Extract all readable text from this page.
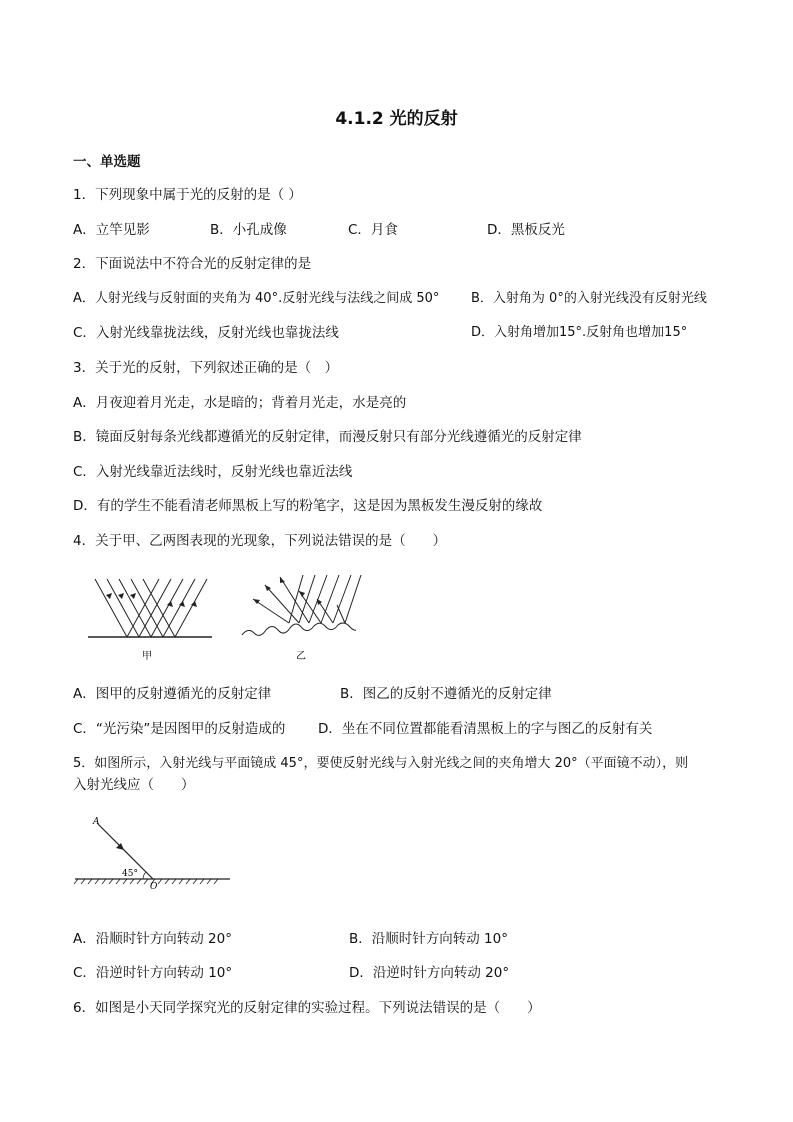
4.1.2 光的反射
一、单选题
1．下列现象中属于光的反射的是（ ）
A．立竿见影	B．小孔成像	C．月食	D．黑板反光
2．下面说法中不符合光的反射定律的是
A．人射光线与反射面的夹角为 40°.反射光线与法线之间成 50° B．入射角为 0°的入射光线没有反射光线
C．入射光线靠拢法线，反射光线也靠拢法线	D．入射角增加15°.反射角也增加15°
3．关于光的反射，下列叙述正确的是（　）
A．月夜迎着月光走，水是暗的；背着月光走，水是亮的
B．镜面反射每条光线都遵循光的反射定律，而漫反射只有部分光线遵循光的反射定律
C．入射光线靠近法线时，反射光线也靠近法线
D．有的学生不能看清老师黑板上写的粉笔字，这是因为黑板发生漫反射的缘故
4．关于甲、乙两图表现的光现象，下列说法错误的是（　　）
甲	乙
A．图甲的反射遵循光的反射定律	B．图乙的反射不遵循光的反射定律
C．“光污染”是因图甲的反射造成的 D．坐在不同位置都能看清黑板上的字与图乙的反射有关
5．如图所示，入射光线与平面镜成 45°，要使反射光线与入射光线之间的夹角增大 20°（平面镜不动），则
入射光线应（　　）
A
45°
O
A．沿顺时针方向转动 20°	B．沿顺时针方向转动 10°
C．沿逆时针方向转动 10°	D．沿逆时针方向转动 20°
6．如图是小天同学探究光的反射定律的实验过程。下列说法错误的是（　　）
